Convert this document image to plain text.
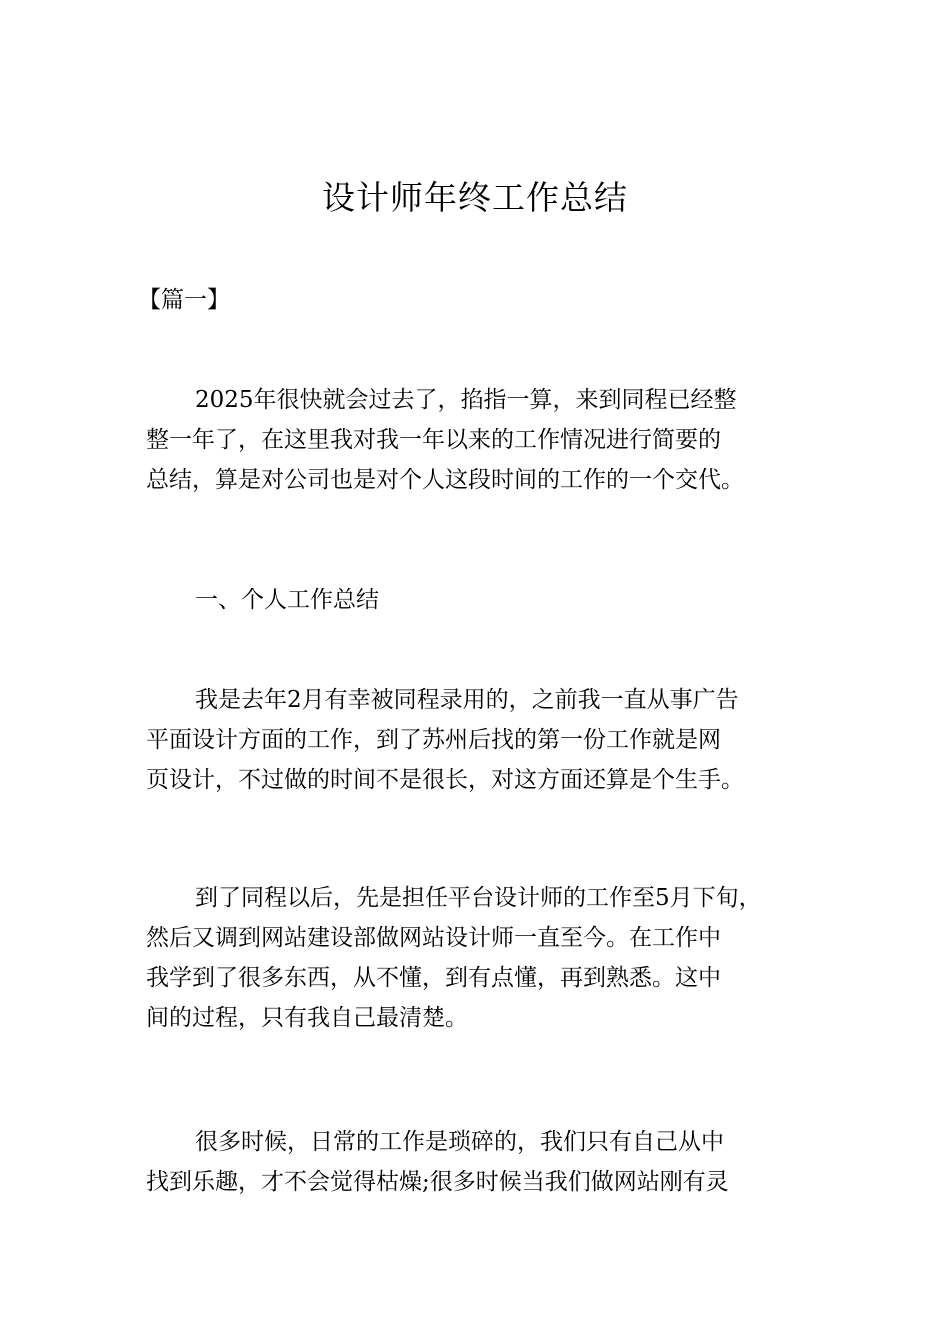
设计师年终工作总结

【篇一】

2025年很快就会过去了，掐指一算，来到同程已经整
整一年了，在这里我对我一年以来的工作情况进行简要的
总结，算是对公司也是对个人这段时间的工作的一个交代。

一、个人工作总结

我是去年2月有幸被同程录用的，之前我一直从事广告
平面设计方面的工作，到了苏州后找的第一份工作就是网
页设计，不过做的时间不是很长，对这方面还算是个生手。

到了同程以后，先是担任平台设计师的工作至5月下旬，
然后又调到网站建设部做网站设计师一直至今。在工作中
我学到了很多东西，从不懂，到有点懂，再到熟悉。这中
间的过程，只有我自己最清楚。

很多时候，日常的工作是琐碎的，我们只有自己从中
找到乐趣，才不会觉得枯燥;很多时候当我们做网站刚有灵
